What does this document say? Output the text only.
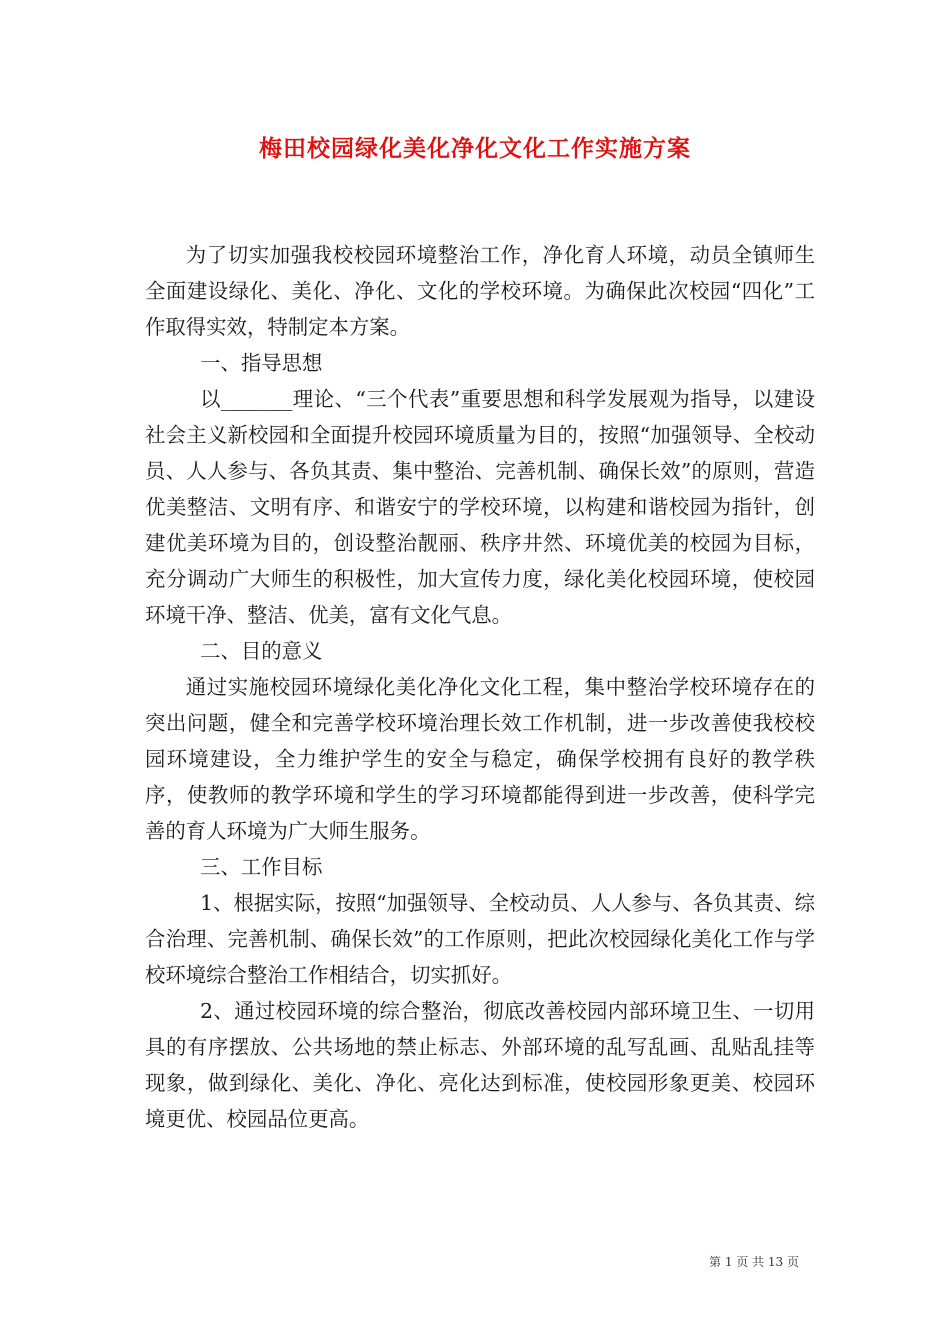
梅田校园绿化美化净化文化工作实施方案

为了切实加强我校校园环境整治工作，净化育人环境，动员全镇师生全面建设绿化、美化、净化、文化的学校环境。为确保此次校园“四化”工作取得实效，特制定本方案。

一、指导思想

以_______理论、“三个代表”重要思想和科学发展观为指导，以建设社会主义新校园和全面提升校园环境质量为目的，按照“加强领导、全校动员、人人参与、各负其责、集中整治、完善机制、确保长效”的原则，营造优美整洁、文明有序、和谐安宁的学校环境，以构建和谐校园为指针，创建优美环境为目的，创设整治靓丽、秩序井然、环境优美的校园为目标，充分调动广大师生的积极性，加大宣传力度，绿化美化校园环境，使校园环境干净、整洁、优美，富有文化气息。

二、目的意义

通过实施校园环境绿化美化净化文化工程，集中整治学校环境存在的突出问题，健全和完善学校环境治理长效工作机制，进一步改善使我校校园环境建设，全力维护学生的安全与稳定，确保学校拥有良好的教学秩序，使教师的教学环境和学生的学习环境都能得到进一步改善，使科学完善的育人环境为广大师生服务。

三、工作目标

1、根据实际，按照“加强领导、全校动员、人人参与、各负其责、综合治理、完善机制、确保长效”的工作原则，把此次校园绿化美化工作与学校环境综合整治工作相结合，切实抓好。

2、通过校园环境的综合整治，彻底改善校园内部环境卫生、一切用具的有序摆放、公共场地的禁止标志、外部环境的乱写乱画、乱贴乱挂等现象，做到绿化、美化、净化、亮化达到标准，使校园形象更美、校园环境更优、校园品位更高。

第 1 页 共 13 页
